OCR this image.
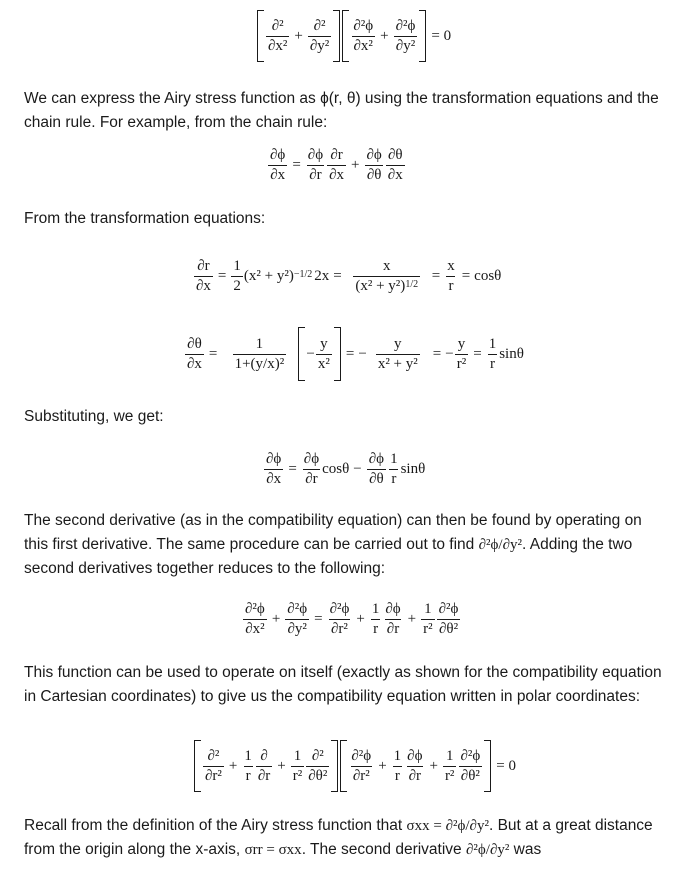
$\frac{\text{∂²}}{\text{∂x²}} + \frac{\text{∂²}}{\text{∂y²}} \frac{\text{∂²ϕ}}{\text{∂x²}} + \frac{\text{∂²ϕ}}{\text{∂y²}} = 0$

We can express the Airy stress function as ϕ(r, θ) using the transformation equations and the chain rule. For example, from the chain rule:

$\frac{\partial\phi}{\partial x} = \frac{\partial\phi}{\partial r} \frac{\partial r}{\partial x} + \frac{\partial\phi}{\partial\theta} \frac{\partial\theta}{\partial x}$

From the transformation equations:

$\frac{\partial r}{\partial x} = \frac{1}{2} (x^2 + y^2)^{-1/2}$ $2x = \frac{x}{(x^2 + y^2)^{1/2}} = \frac{x}{r} = \cos\theta$
$\frac{\partial\theta}{\partial x} = \frac{1}{\text{1+(y/x)²}} - \frac{y}{\text{x²}}$ = − $\frac{y}{\text{x² + y²}}$ = − $\frac{y}{\text{r²}} = \frac{1}{r}$ sinθ

Substituting, we get:

$\frac{\partial\phi}{\partial x} = \frac{\partial\phi}{\partial r}$ $\cos\theta - \frac{\partial\phi}{\partial\theta} \frac{1}{r}$ sinθ

The second derivative (as in the compatibility equation) can then be found by operating on this first derivative. The same procedure can be carried out to find ∂²ϕ/∂y². Adding the two second derivatives together reduces to the following:

$\frac{\text{∂²ϕ}}{\text{∂x²}} + \frac{\text{∂²ϕ}}{\text{∂y²}} = \frac{\text{∂²ϕ}}{\text{∂r²}} + \frac{1}{r} \frac{\partial\phi}{\partial r} + \frac{1}{\text{r²}} \frac{\text{∂²ϕ}}{\text{∂θ²}}$

This function can be used to operate on itself (exactly as shown for the compatibility equation in Cartesian coordinates) to give us the compatibility equation written in polar coordinates:

$\frac{\text{∂²}}{\text{∂r²}} + \frac{1}{r} \frac{\partial}{\partial r} + \frac{1}{\text{r²}} \frac{\text{∂²}}{\text{∂θ²}} \frac{\text{∂²ϕ}}{\text{∂r²}} + \frac{1}{r} \frac{\partial\phi}{\partial r} + \frac{1}{\text{r²}} \frac{\text{∂²ϕ}}{\text{∂θ²}} = 0$

Recall from the definition of the Airy stress function that σxx = ∂²ϕ/∂y². But at a great distance from the origin along the x-axis, σrr = σxx. The second derivative ∂²ϕ/∂y² was
